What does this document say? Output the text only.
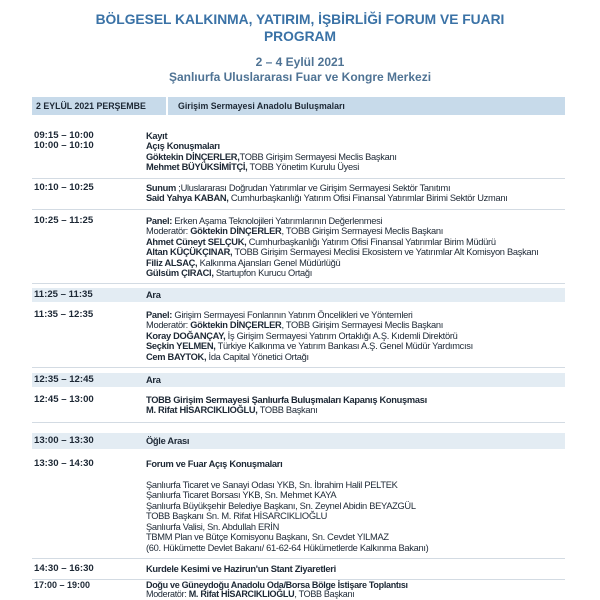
BÖLGESEL KALKINMA, YATIRIM, İŞBİRLİĞİ FORUM VE FUARI
PROGRAM
2 – 4 Eylül 2021
Şanlıurfa Uluslararası Fuar ve Kongre Merkezi
2 EYLÜL 2021 PERŞEMBE	Girişim Sermayesi Anadolu Buluşmaları
09:15 – 10:00	Kayıt
10:00 – 10:10	Açış Konuşmaları
Göktekin DİNÇERLER,TOBB Girişim Sermayesi Meclis Başkanı
Mehmet BÜYÜKSİMİTÇİ, TOBB Yönetim Kurulu Üyesi
10:10 – 10:25	Sunum ;Uluslararası Doğrudan Yatırımlar ve Girişim Sermayesi Sektör Tanıtımı
Said Yahya KABAN, Cumhurbaşkanlığı Yatırım Ofisi Finansal Yatırımlar Birimi Sektör Uzmanı
10:25 – 11:25	Panel: Erken Aşama Teknolojileri Yatırımlarının Değerlenmesi
Moderatör: Göktekin DİNÇERLER, TOBB Girişim Sermayesi Meclis Başkanı
Ahmet Cüneyt SELÇUK, Cumhurbaşkanlığı Yatırım Ofisi Finansal Yatırımlar Birim Müdürü
Altan KÜÇÜKÇINAR, TOBB Girişim Sermayesi Meclisi Ekosistem ve Yatırımlar Alt Komisyon Başkanı
Filiz ALSAÇ, Kalkınma Ajansları Genel Müdürlüğü
Gülsüm ÇIRACI, Startupfon Kurucu Ortağı
11:25 – 11:35	Ara
11:35 – 12:35	Panel: Girişim Sermayesi Fonlarının Yatırım Öncelikleri ve Yöntemleri
Moderatör: Göktekin DİNÇERLER, TOBB Girişim Sermayesi Meclis Başkanı
Koray DOĞANÇAY, İş Girişim Sermayesi Yatırım Ortaklığı A.Ş. Kıdemli Direktörü
Seçkin YELMEN, Türkiye Kalkınma ve Yatırım Bankası A.Ş. Genel Müdür Yardımcısı
Cem BAYTOK, İda Capital Yönetici Ortağı
12:35 – 12:45	Ara
12:45 – 13:00	TOBB Girişim Sermayesi Şanlıurfa Buluşmaları Kapanış Konuşması
M. Rifat HİSARCIKLIOĞLU, TOBB Başkanı
13:00 – 13:30	Öğle Arası
13:30 – 14:30	Forum ve Fuar Açış Konuşmaları
Şanlıurfa Ticaret ve Sanayi Odası YKB, Sn. İbrahim Halil PELTEK
Şanlıurfa Ticaret Borsası YKB, Sn. Mehmet KAYA
Şanlıurfa Büyükşehir Belediye Başkanı, Sn. Zeynel Abidin BEYAZGÜL
TOBB Başkanı Sn. M. Rifat HİSARCIKLIOĞLU
Şanlıurfa Valisi, Sn. Abdullah ERİN
TBMM Plan ve Bütçe Komisyonu Başkanı, Sn. Cevdet YILMAZ
(60. Hükümette Devlet Bakanı/ 61-62-64 Hükümetlerde Kalkınma Bakanı)
14:30 – 16:30	Kurdele Kesimi ve Hazirun'un Stant Ziyaretleri
17:00 – 19:00	Doğu ve Güneydoğu Anadolu Oda/Borsa Bölge İstişare Toplantısı
Moderatör: M. Rifat HİSARCIKLIOĞLU, TOBB Başkanı
